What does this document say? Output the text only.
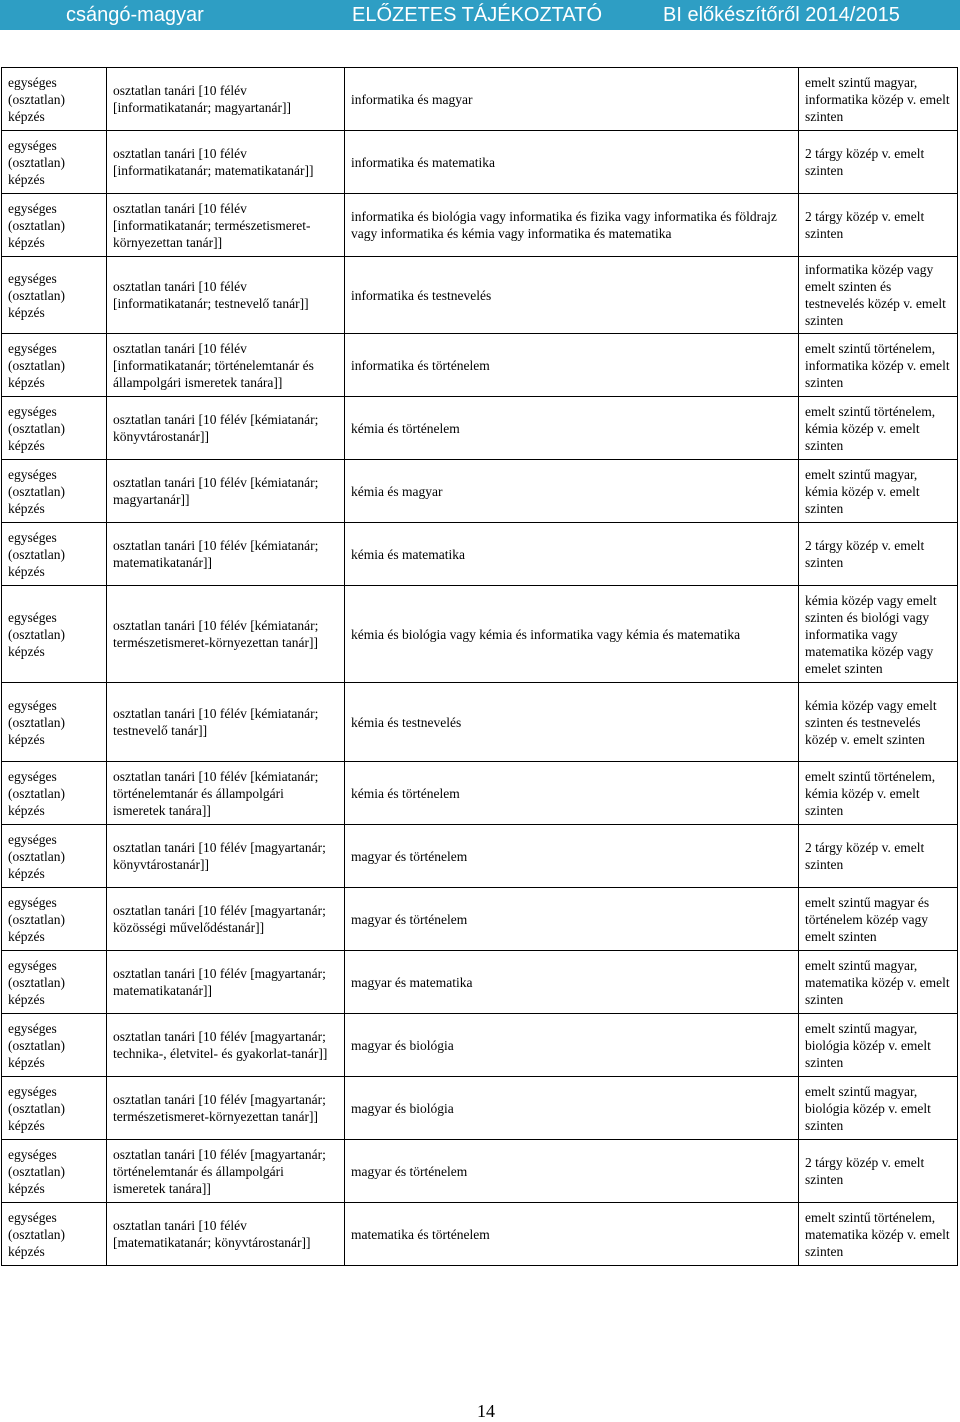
csángó-magyar	ELŐZETES TÁJÉKOZTATÓ	BI előkészítőről 2014/2015
egységes (osztatlan) képzés	osztatlan tanári [10 félév [informatikatanár; magyartanár]]	informatika és magyar	emelt szintű magyar, informatika közép v. emelt szinten
egységes (osztatlan) képzés	osztatlan tanári [10 félév [informatikatanár; matematikatanár]]	informatika és matematika	2 tárgy közép v. emelt szinten
egységes (osztatlan) képzés	osztatlan tanári [10 félév [informatikatanár; természetismeret-környezettan tanár]]	informatika és biológia vagy informatika és fizika vagy informatika és földrajz vagy informatika és kémia vagy informatika és matematika	2 tárgy közép v. emelt szinten
egységes (osztatlan) képzés	osztatlan tanári [10 félév [informatikatanár; testnevelő tanár]]	informatika és testnevelés	informatika közép vagy emelt szinten és testnevelés közép v. emelt szinten
egységes (osztatlan) képzés	osztatlan tanári [10 félév [informatikatanár; történelemtanár és állampolgári ismeretek tanára]]	informatika és történelem	emelt szintű történelem, informatika közép v. emelt szinten
egységes (osztatlan) képzés	osztatlan tanári [10 félév [kémiatanár; könyvtárostanár]]	kémia és történelem	emelt szintű történelem, kémia közép v. emelt szinten
egységes (osztatlan) képzés	osztatlan tanári [10 félév [kémiatanár; magyartanár]]	kémia és magyar	emelt szintű magyar, kémia közép v. emelt szinten
egységes (osztatlan) képzés	osztatlan tanári [10 félév [kémiatanár; matematikatanár]]	kémia és matematika	2 tárgy közép v. emelt szinten
egységes (osztatlan) képzés	osztatlan tanári [10 félév [kémiatanár; természetismeret-környezettan tanár]]	kémia és biológia vagy kémia és informatika vagy kémia és matematika	kémia közép vagy emelt szinten és biológi vagy informatika vagy matematika közép vagy emelet szinten
egységes (osztatlan) képzés	osztatlan tanári [10 félév [kémiatanár; testnevelő tanár]]	kémia és testnevelés	kémia közép vagy emelt szinten és testnevelés közép v. emelt szinten
egységes (osztatlan) képzés	osztatlan tanári [10 félév [kémiatanár; történelemtanár és állampolgári ismeretek tanára]]	kémia és történelem	emelt szintű történelem, kémia közép v. emelt szinten
egységes (osztatlan) képzés	osztatlan tanári [10 félév [magyartanár; könyvtárostanár]]	magyar és történelem	2 tárgy közép v. emelt szinten
egységes (osztatlan) képzés	osztatlan tanári [10 félév [magyartanár; közösségi művelődéstanár]]	magyar és történelem	emelt szintű magyar és történelem közép vagy emelt szinten
egységes (osztatlan) képzés	osztatlan tanári [10 félév [magyartanár; matematikatanár]]	magyar és matematika	emelt szintű magyar, matematika közép v. emelt szinten
egységes (osztatlan) képzés	osztatlan tanári [10 félév [magyartanár; technika-, életvitel- és gyakorlat-tanár]]	magyar és biológia	emelt szintű magyar, biológia közép v. emelt szinten
egységes (osztatlan) képzés	osztatlan tanári [10 félév [magyartanár; természetismeret-környezettan tanár]]	magyar és biológia	emelt szintű magyar, biológia közép v. emelt szinten
egységes (osztatlan) képzés	osztatlan tanári [10 félév [magyartanár; történelemtanár és állampolgári ismeretek tanára]]	magyar és történelem	2 tárgy közép v. emelt szinten
egységes (osztatlan) képzés	osztatlan tanári [10 félév [matematikatanár; könyvtárostanár]]	matematika és történelem	emelt szintű történelem, matematika közép v. emelt szinten
14
